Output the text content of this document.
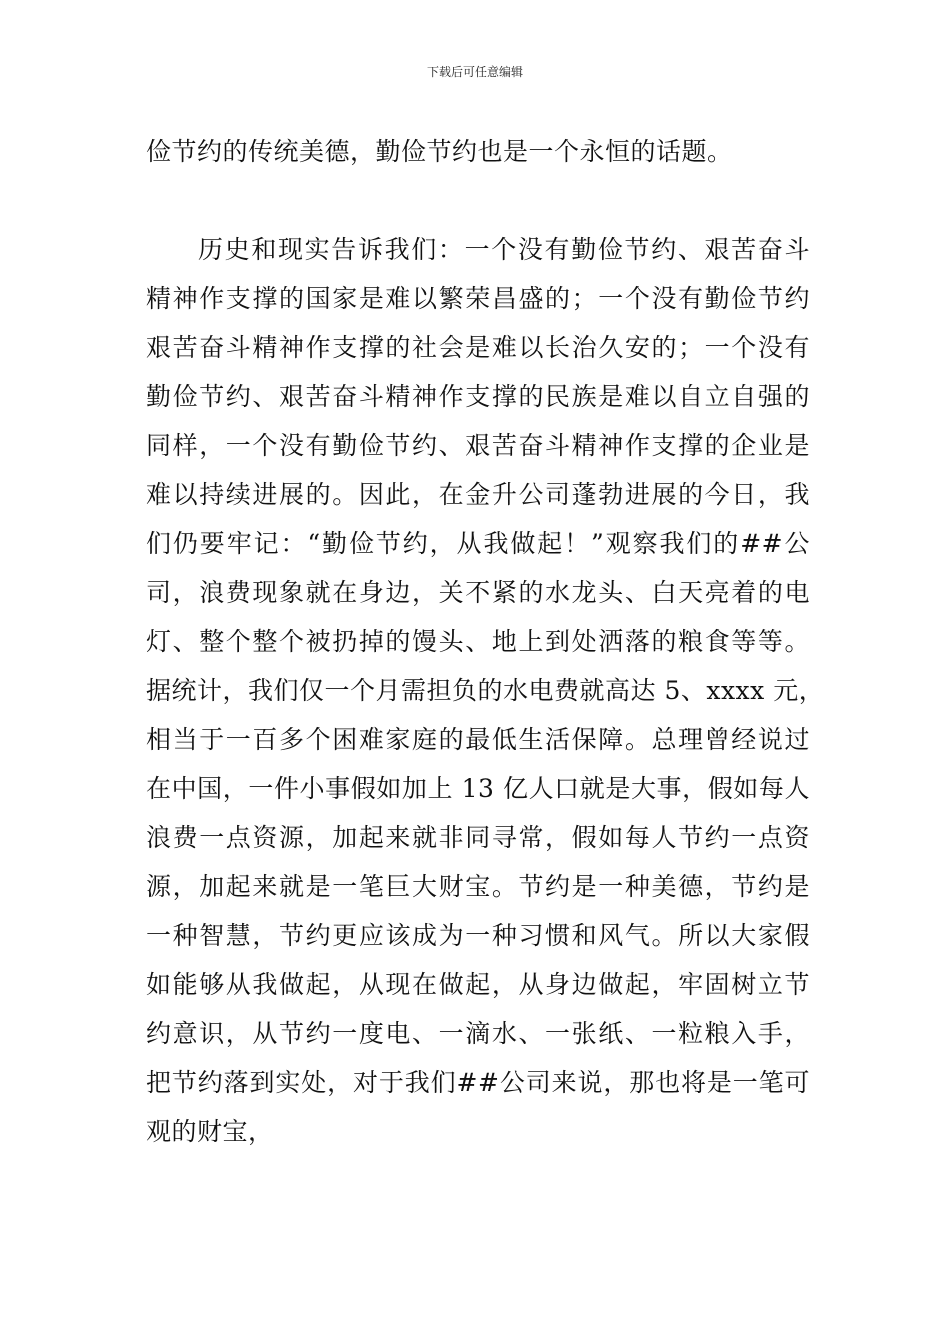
下载后可任意编辑
俭节约的传统美德，勤俭节约也是一个永恒的话题。
历史和现实告诉我们：一个没有勤俭节约、艰苦奋斗
精神作支撑的国家是难以繁荣昌盛的；一个没有勤俭节约
艰苦奋斗精神作支撑的社会是难以长治久安的；一个没有
勤俭节约、艰苦奋斗精神作支撑的民族是难以自立自强的
同样，一个没有勤俭节约、艰苦奋斗精神作支撑的企业是
难以持续进展的。因此，在金升公司蓬勃进展的今日，我
们仍要牢记：“勤俭节约，从我做起！”观察我们的##公
司，浪费现象就在身边，关不紧的水龙头、白天亮着的电
灯、整个整个被扔掉的馒头、地上到处洒落的粮食等等。
据统计，我们仅一个月需担负的水电费就高达 5、xxxx 元，
相当于一百多个困难家庭的最低生活保障。总理曾经说过
在中国，一件小事假如加上 13 亿人口就是大事，假如每人
浪费一点资源，加起来就非同寻常，假如每人节约一点资
源，加起来就是一笔巨大财宝。节约是一种美德，节约是
一种智慧，节约更应该成为一种习惯和风气。所以大家假
如能够从我做起，从现在做起，从身边做起，牢固树立节
约意识，从节约一度电、一滴水、一张纸、一粒粮入手，
把节约落到实处，对于我们##公司来说，那也将是一笔可
观的财宝，
